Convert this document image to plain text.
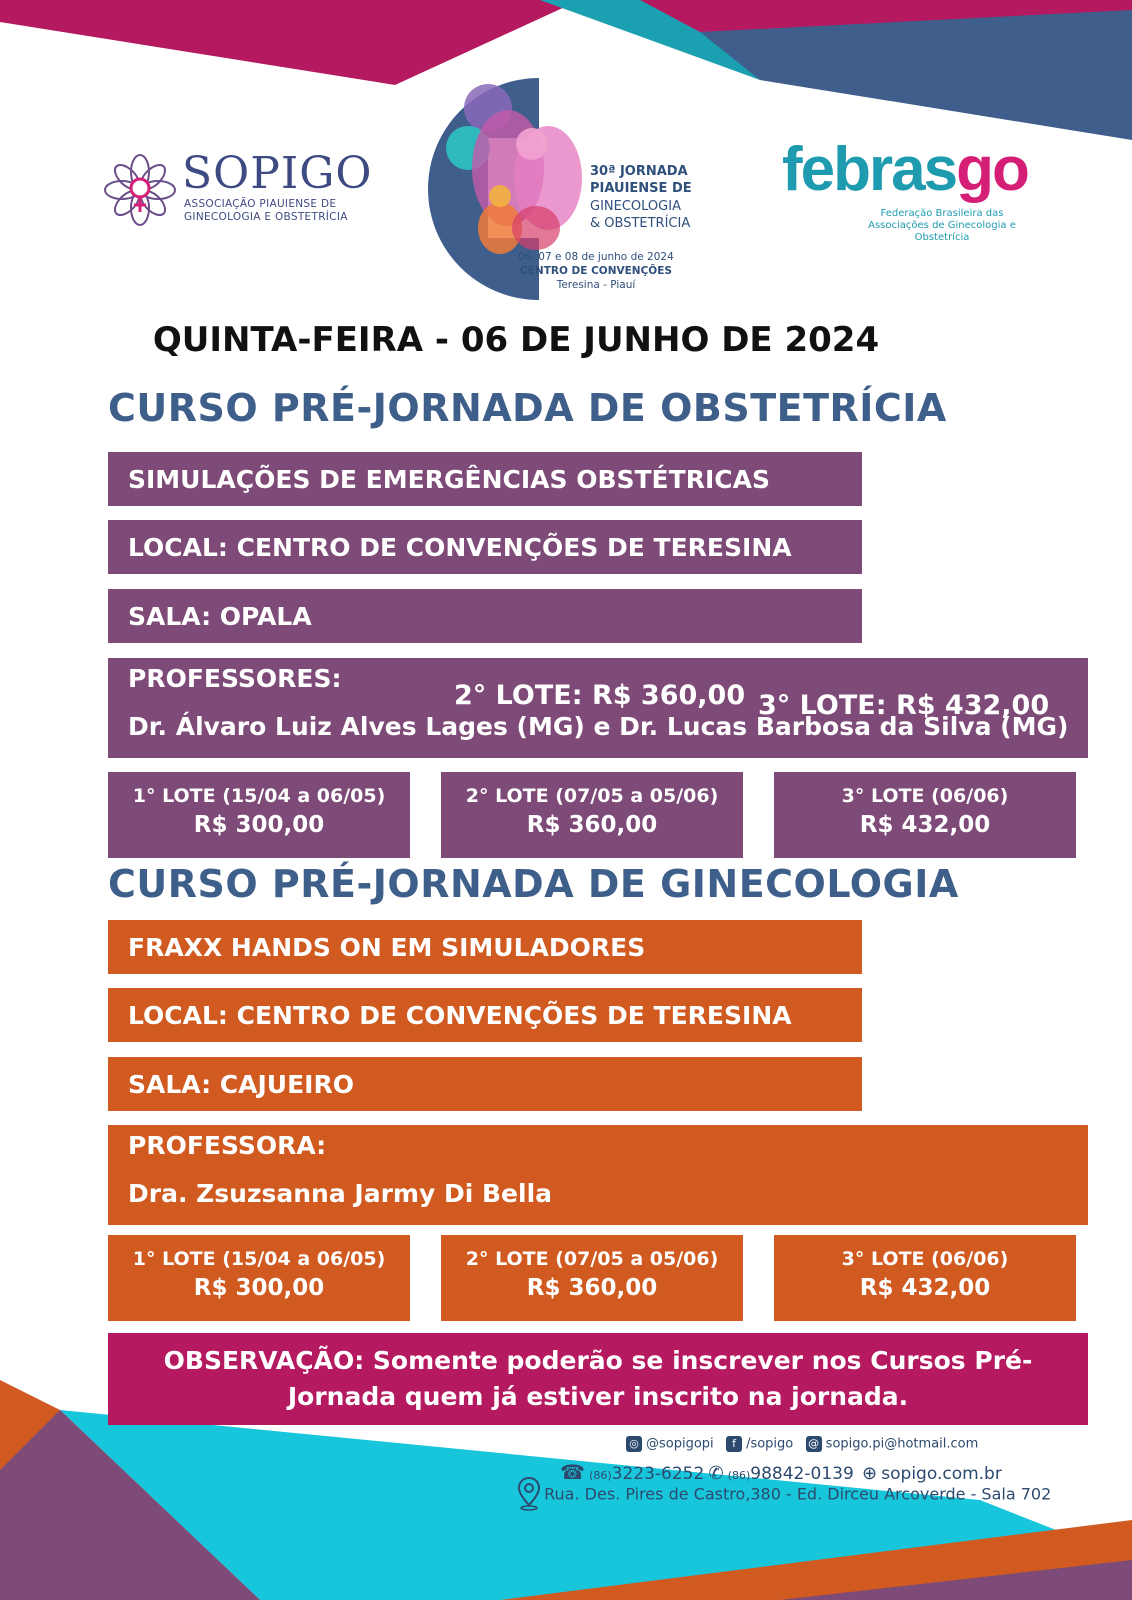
SOPIGO
ASSOCIAÇÃO PIAUIENSE DE
GINECOLOGIA E OBSTETRÍCIA
30ª JORNADA
PIAUIENSE DE
GINECOLOGIA
& OBSTETRÍCIA
06, 07 e 08 de junho de 2024
CENTRO DE CONVENÇÕES
Teresina - Piauí
febrasgo
Federação Brasileira das
Associações de Ginecologia e Obstetrícia
QUINTA-FEIRA - 06 DE JUNHO DE 2024
CURSO PRÉ-JORNADA DE OBSTETRÍCIA
SIMULAÇÕES DE EMERGÊNCIAS OBSTÉTRICAS
LOCAL: CENTRO DE CONVENÇÕES DE TERESINA
SALA: OPALA
PROFESSORES:
Dr. Álvaro Luiz Alves Lages (MG) e Dr. Lucas Barbosa da Silva (MG)
2° LOTE: R$ 360,00 3° LOTE: R$ 432,00
1° LOTE (15/04 a 06/05)
R$ 300,00
2° LOTE (07/05 a 05/06)
R$ 360,00
3° LOTE (06/06)
R$ 432,00
CURSO PRÉ-JORNADA DE GINECOLOGIA
FRAXX HANDS ON EM SIMULADORES
LOCAL: CENTRO DE CONVENÇÕES DE TERESINA
SALA: CAJUEIRO
PROFESSORA:
Dra. Zsuzsanna Jarmy Di Bella
1° LOTE (15/04 a 06/05)
R$ 300,00
2° LOTE (07/05 a 05/06)
R$ 360,00
3° LOTE (06/06)
R$ 432,00
OBSERVAÇÃO: Somente poderão se inscrever nos Cursos Pré-
Jornada quem já estiver inscrito na jornada.
◎ @sopigopi f /sopigo @ sopigo.pi@hotmail.com
☎ (86)3223-6252 ✆ (86)98842-0139 ⊕ sopigo.com.br
Rua. Des. Pires de Castro,380 - Ed. Dirceu Arcoverde - Sala 702
